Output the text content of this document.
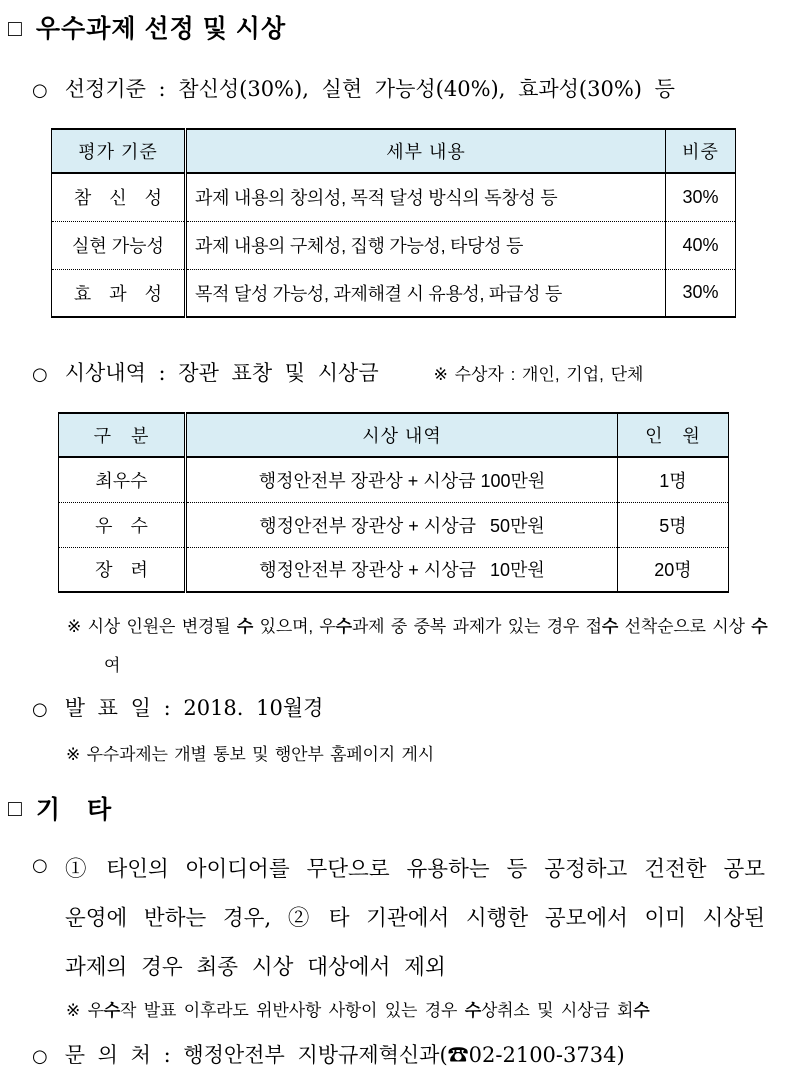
□ 우수과제 선정 및 시상
○ 선정기준 : 참신성(30%), 실현 가능성(40%), 효과성(30%) 등
평가 기준	세부 내용	비중
참　신　성	과제 내용의 창의성, 목적 달성 방식의 독창성 등	30%
실현 가능성	과제 내용의 구체성, 집행 가능성, 타당성 등	40%
효　과　성	목적 달성 가능성, 과제해결 시 유용성, 파급성 등	30%
○ 시상내역 : 장관 표창 및 시상금	※ 수상자 : 개인, 기업, 단체
구　분	시상 내역	인　원
최우수	행정안전부 장관상 + 시상금 100만원	1명
우　수	행정안전부 장관상 + 시상금  50만원	5명
장　려	행정안전부 장관상 + 시상금  10만원	20명
※ 시상 인원은 변경될 수 있으며, 우수과제 중 중복 과제가 있는 경우 접수 선착순으로 시상 수여
○ 발 표 일 : 2018. 10월경
※ 우수과제는 개별 통보 및 행안부 홈페이지 게시
□ 기　타
○ ① 타인의 아이디어를 무단으로 유용하는 등 공정하고 건전한 공모 운영에 반하는 경우, ② 타 기관에서 시행한 공모에서 이미 시상된 과제의 경우 최종 시상 대상에서 제외
※ 우수작 발표 이후라도 위반사항 사항이 있는 경우 수상취소 및 시상금 회수
○ 문 의 처 : 행정안전부 지방규제혁신과(☎02-2100-3734)
